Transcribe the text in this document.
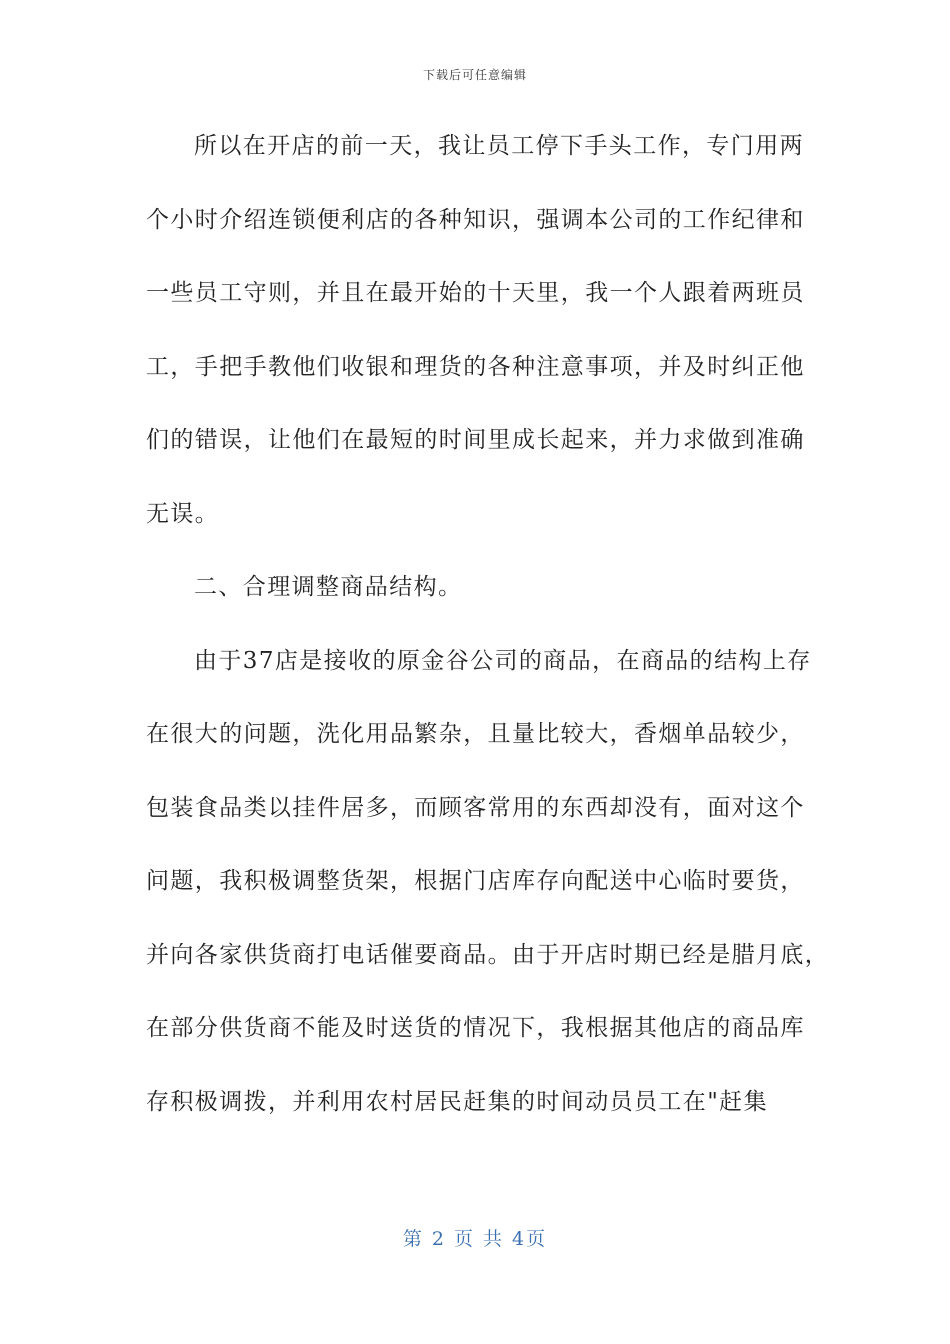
下载后可任意编辑
所以在开店的前一天，我让员工停下手头工作，专门用两
个小时介绍连锁便利店的各种知识，强调本公司的工作纪律和
一些员工守则，并且在最开始的十天里，我一个人跟着两班员
工，手把手教他们收银和理货的各种注意事项，并及时纠正他
们的错误，让他们在最短的时间里成长起来，并力求做到准确
无误。
二、合理调整商品结构。
由于37店是接收的原金谷公司的商品，在商品的结构上存
在很大的问题，洗化用品繁杂，且量比较大，香烟单品较少，
包装食品类以挂件居多，而顾客常用的东西却没有，面对这个
问题，我积极调整货架，根据门店库存向配送中心临时要货，
并向各家供货商打电话催要商品。由于开店时期已经是腊月底，
在部分供货商不能及时送货的情况下，我根据其他店的商品库
存积极调拨，并利用农村居民赶集的时间动员员工在"赶集
第 2 页 共 4页
